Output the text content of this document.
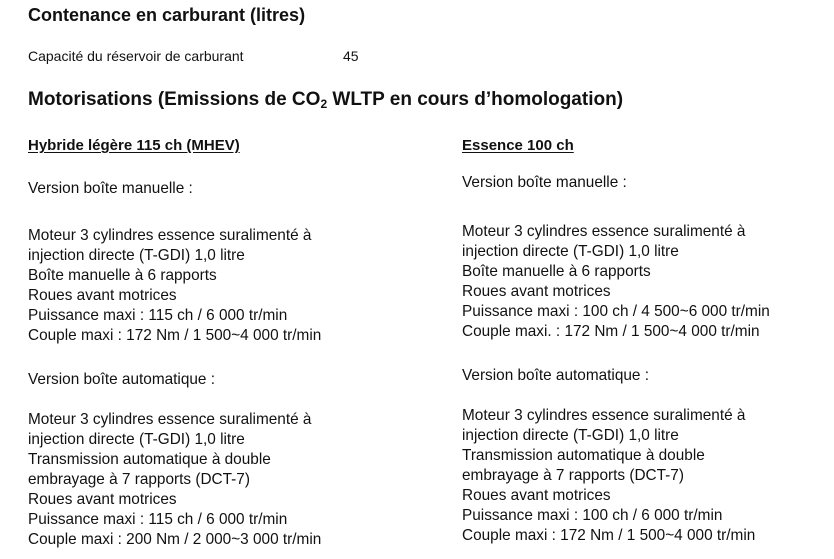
Contenance en carburant (litres)
Capacité du réservoir de carburant	45
Motorisations (Emissions de CO2 WLTP en cours d’homologation)
Hybride légère 115 ch (MHEV)
Version boîte manuelle :
Moteur 3 cylindres essence suralimenté à
injection directe (T-GDI) 1,0 litre
Boîte manuelle à 6 rapports
Roues avant motrices
Puissance maxi : 115 ch / 6 000 tr/min
Couple maxi : 172 Nm / 1 500~4 000 tr/min
Version boîte automatique :
Moteur 3 cylindres essence suralimenté à
injection directe (T-GDI) 1,0 litre
Transmission automatique à double
embrayage à 7 rapports (DCT-7)
Roues avant motrices
Puissance maxi : 115 ch / 6 000 tr/min
Couple maxi : 200 Nm / 2 000~3 000 tr/min
Essence 100 ch
Version boîte manuelle :
Moteur 3 cylindres essence suralimenté à
injection directe (T-GDI) 1,0 litre
Boîte manuelle à 6 rapports
Roues avant motrices
Puissance maxi : 100 ch / 4 500~6 000 tr/min
Couple maxi. : 172 Nm / 1 500~4 000 tr/min
Version boîte automatique :
Moteur 3 cylindres essence suralimenté à
injection directe (T-GDI) 1,0 litre
Transmission automatique à double
embrayage à 7 rapports (DCT-7)
Roues avant motrices
Puissance maxi : 100 ch / 6 000 tr/min
Couple maxi : 172 Nm / 1 500~4 000 tr/min
